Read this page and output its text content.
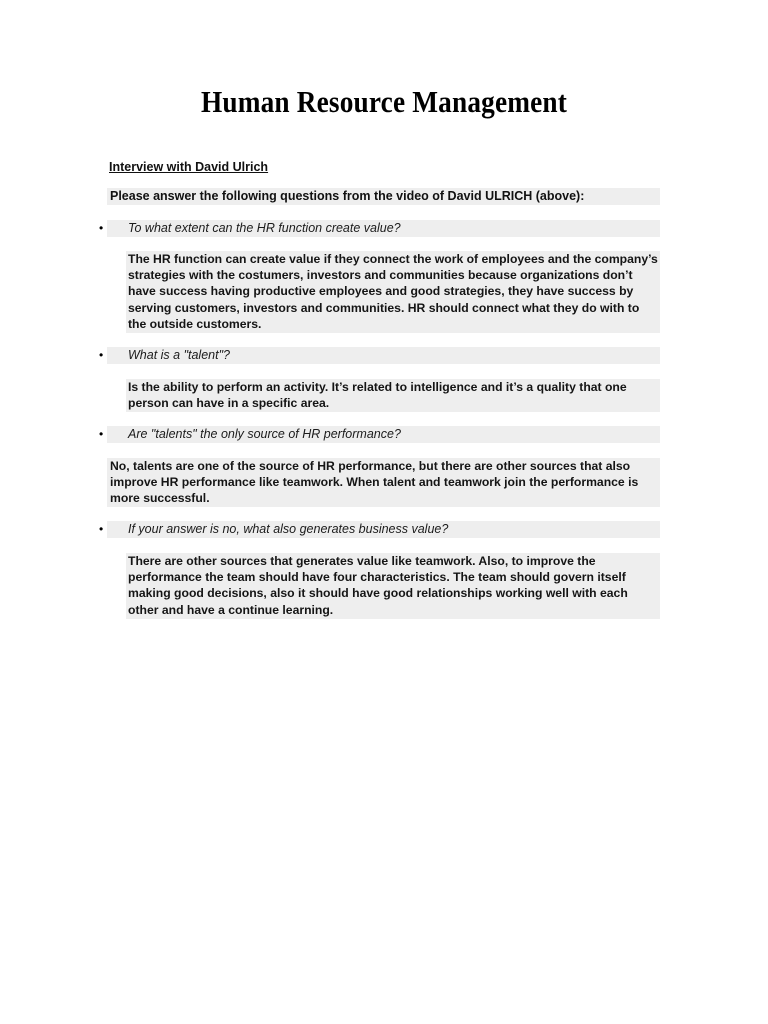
Human Resource Management
Interview with David Ulrich
Please answer the following questions from the video of David ULRICH (above):
•	To what extent can the HR function create value?
The HR function can create value if they connect the work of employees and the company’s strategies with the costumers, investors and communities because organizations don’t have success having productive employees and good strategies, they have success by serving customers, investors and communities. HR should connect what they do with to the outside customers.
•	What is a "talent"?
Is the ability to perform an activity. It’s related to intelligence and it’s a quality that one person can have in a specific area.
•	Are "talents" the only source of HR performance?
No, talents are one of the source of HR performance, but there are other sources that also improve HR performance like teamwork. When talent and teamwork join the performance is more successful.
•	If your answer is no, what also generates business value?
There are other sources that generates value like teamwork. Also, to improve the performance the team should have four characteristics. The team should govern itself making good decisions, also it should have good relationships working well with each other and have a continue learning.
